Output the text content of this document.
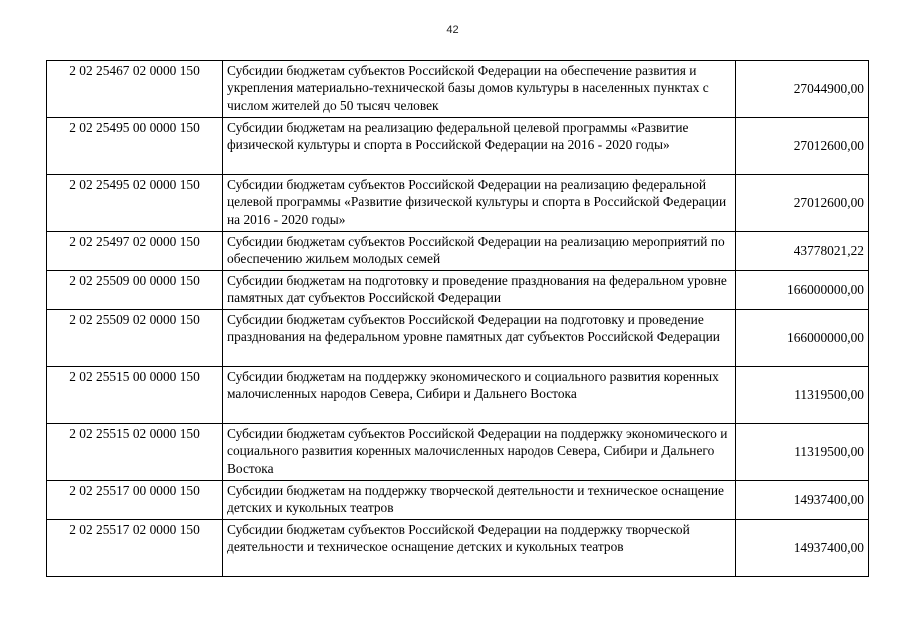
42
2 02 25467 02 0000 150	Субсидии бюджетам субъектов Российской Федерации на обеспечение развития и укрепления материально-технической базы домов культуры в населенных пунктах с числом жителей до 50 тысяч человек	27044900,00
2 02 25495 00 0000 150	Субсидии бюджетам на реализацию федеральной целевой программы «Развитие физической культуры и спорта в Российской Федерации на 2016 - 2020 годы»	27012600,00
2 02 25495 02 0000 150	Субсидии бюджетам субъектов Российской Федерации на реализацию федеральной целевой программы «Развитие физической культуры и спорта в Российской Федерации на 2016 - 2020 годы»	27012600,00
2 02 25497 02 0000 150	Субсидии бюджетам субъектов Российской Федерации на реализацию мероприятий по обеспечению жильем молодых семей	43778021,22
2 02 25509 00 0000 150	Субсидии бюджетам на подготовку и проведение празднования на федеральном уровне памятных дат субъектов Российской Федерации	166000000,00
2 02 25509 02 0000 150	Субсидии бюджетам субъектов Российской Федерации на подготовку и проведение празднования на федеральном уровне памятных дат субъектов Российской Федерации	166000000,00
2 02 25515 00 0000 150	Субсидии бюджетам на поддержку экономического и социального развития коренных малочисленных народов Севера, Сибири и Дальнего Востока	11319500,00
2 02 25515 02 0000 150	Субсидии бюджетам субъектов Российской Федерации на поддержку экономического и социального развития коренных малочисленных народов Севера, Сибири и Дальнего Востока	11319500,00
2 02 25517 00 0000 150	Субсидии бюджетам на поддержку творческой деятельности и техническое оснащение детских и кукольных театров	14937400,00
2 02 25517 02 0000 150	Субсидии бюджетам субъектов Российской Федерации на поддержку творческой деятельности и техническое оснащение детских и кукольных театров	14937400,00
